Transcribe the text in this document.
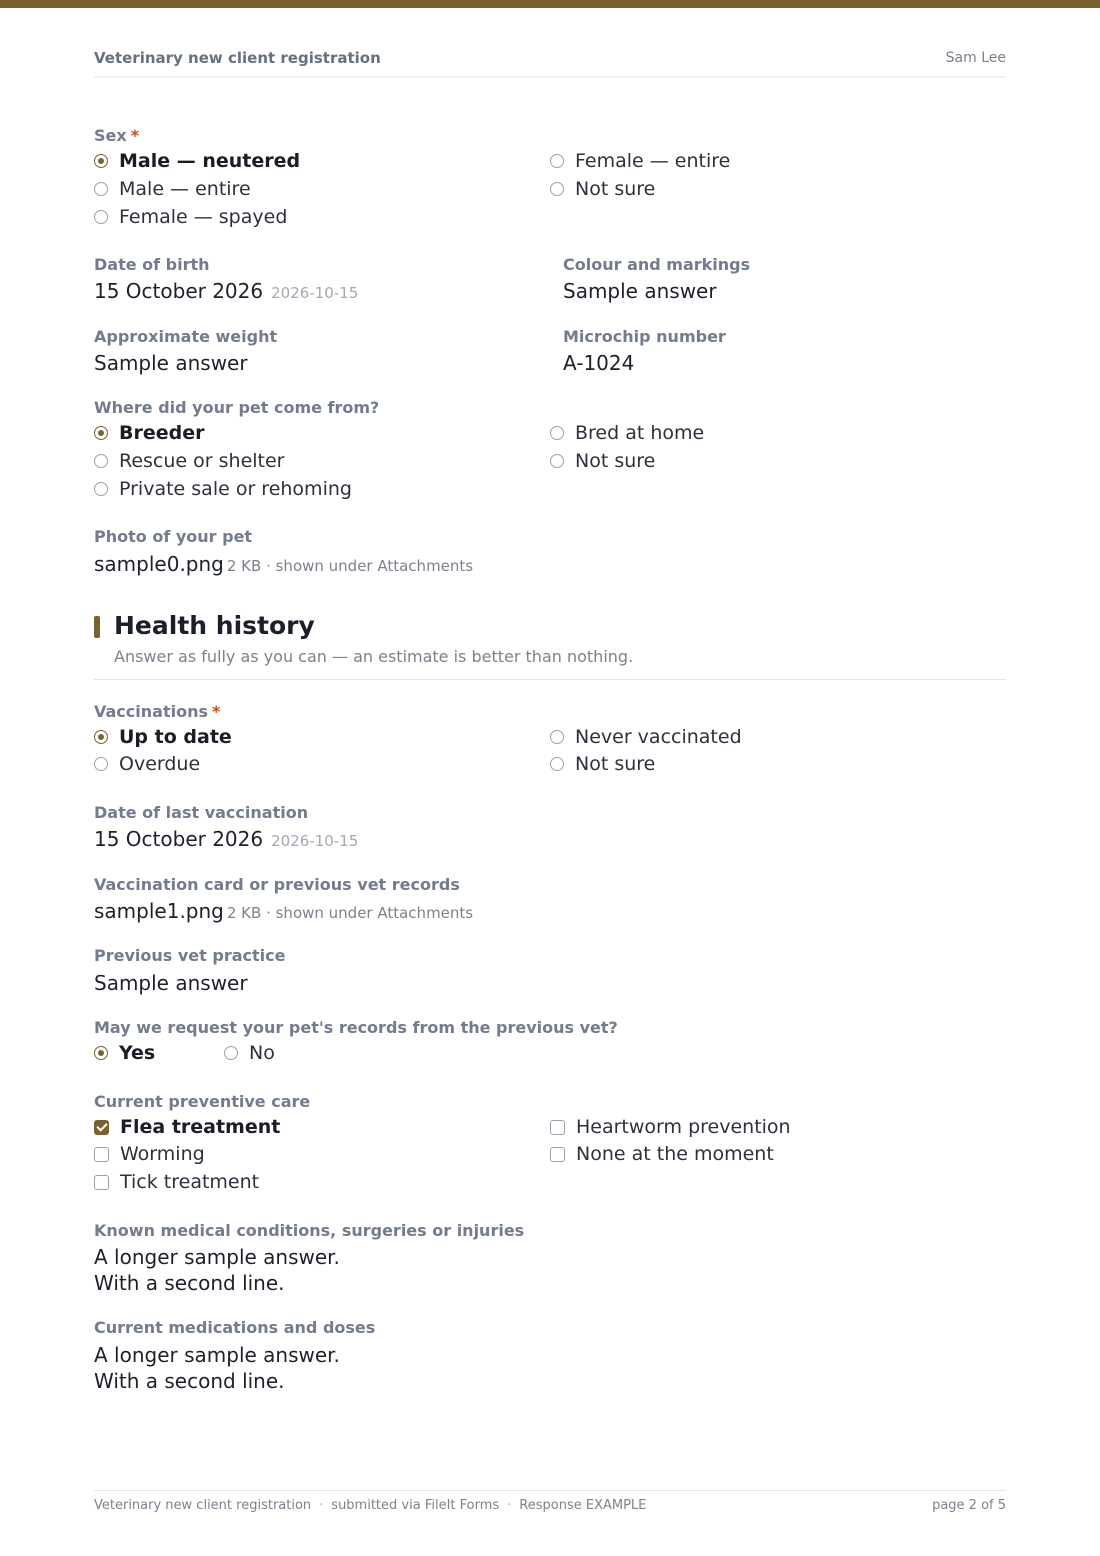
Veterinary new client registration	Sam Lee
Sex *
Male — neutered
Male — entire
Female — spayed
Female — entire
Not sure
Date of birth
15 October 2026 2026-10-15
Colour and markings
Sample answer
Approximate weight
Sample answer
Microchip number
A-1024
Where did your pet come from?
Breeder
Rescue or shelter
Private sale or rehoming
Bred at home
Not sure
Photo of your pet
sample0.png 2 KB · shown under Attachments
Health history
Answer as fully as you can — an estimate is better than nothing.
Vaccinations *
Up to date
Overdue
Never vaccinated
Not sure
Date of last vaccination
15 October 2026 2026-10-15
Vaccination card or previous vet records
sample1.png 2 KB · shown under Attachments
Previous vet practice
Sample answer
May we request your pet's records from the previous vet?
Yes	No
Current preventive care
Flea treatment
Worming
Tick treatment
Heartworm prevention
None at the moment
Known medical conditions, surgeries or injuries
A longer sample answer.
With a second line.
Current medications and doses
A longer sample answer.
With a second line.
Veterinary new client registration · submitted via FileIt Forms · Response EXAMPLE	page 2 of 5
